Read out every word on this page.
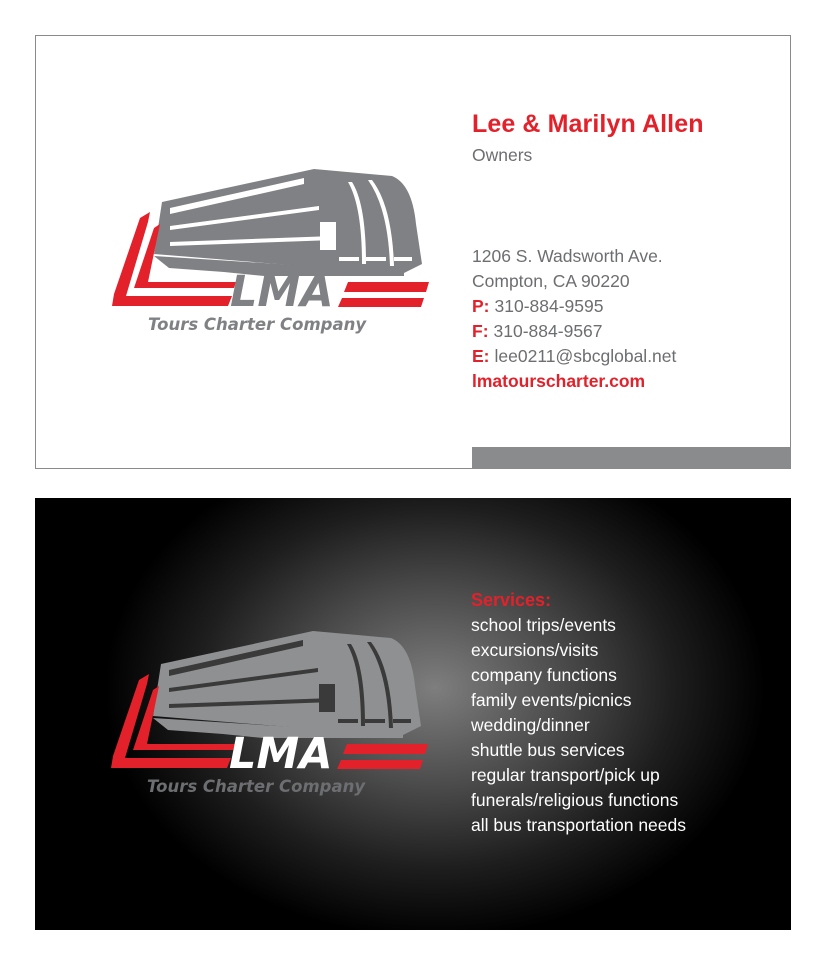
LMA
Tours Charter Company
Lee & Marilyn Allen
Owners
1206 S. Wadsworth Ave.
Compton, CA 90220
P: 310-884-9595
F: 310-884-9567
E: lee0211@sbcglobal.net
lmatourscharter.com
LMA
Tours Charter Company
Services:
school trips/events
excursions/visits
company functions
family events/picnics
wedding/dinner
shuttle bus services
regular transport/pick up
funerals/religious functions
all bus transportation needs
